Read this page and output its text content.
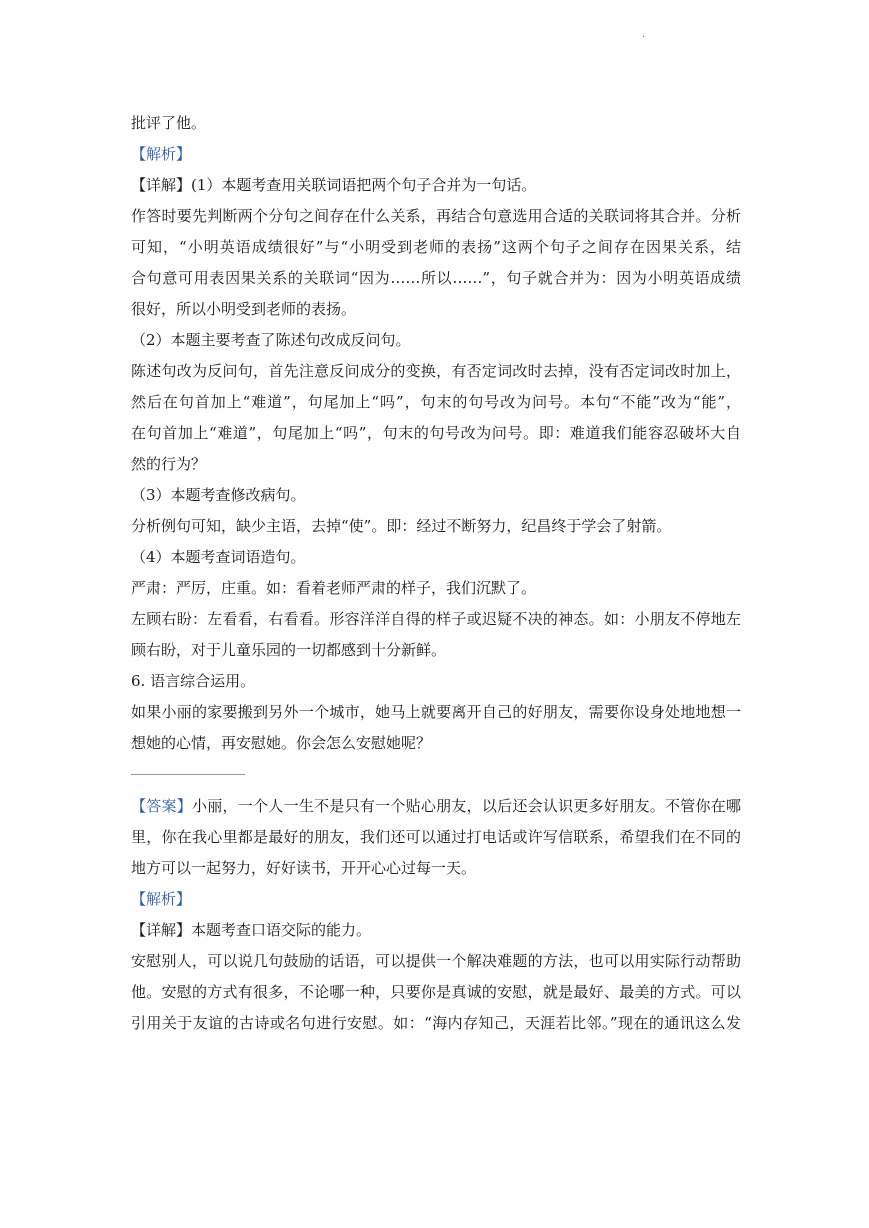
.

批评了他。

【解析】

【详解】(1）本题考查用关联词语把两个句子合并为一句话。

作答时要先判断两个分句之间存在什么关系，再结合句意选用合适的关联词将其合并。分析

可知，“小明英语成绩很好”与“小明受到老师的表扬”这两个句子之间存在因果关系，结

合句意可用表因果关系的关联词“因为……所以……”，句子就合并为：因为小明英语成绩

很好，所以小明受到老师的表扬。

（2）本题主要考查了陈述句改成反问句。

陈述句改为反问句，首先注意反问成分的变换，有否定词改时去掉，没有否定词改时加上，

然后在句首加上“难道”，句尾加上“吗”，句末的句号改为问号。本句“不能”改为“能”，

在句首加上“难道”，句尾加上“吗”，句末的句号改为问号。即：难道我们能容忍破坏大自

然的行为？

（3）本题考查修改病句。

分析例句可知，缺少主语，去掉“使”。即：经过不断努力，纪昌终于学会了射箭。

（4）本题考查词语造句。

严肃：严厉，庄重。如：看着老师严肃的样子，我们沉默了。

左顾右盼：左看看，右看看。形容洋洋自得的样子或迟疑不决的神态。如：小朋友不停地左

顾右盼，对于儿童乐园的一切都感到十分新鲜。

6. 语言综合运用。

如果小丽的家要搬到另外一个城市，她马上就要离开自己的好朋友，需要你设身处地地想一

想她的心情，再安慰她。你会怎么安慰她呢？

【答案】小丽，一个人一生不是只有一个贴心朋友，以后还会认识更多好朋友。不管你在哪

里，你在我心里都是最好的朋友，我们还可以通过打电话或许写信联系，希望我们在不同的

地方可以一起努力，好好读书，开开心心过每一天。

【解析】

【详解】本题考查口语交际的能力。

安慰别人，可以说几句鼓励的话语，可以提供一个解决难题的方法，也可以用实际行动帮助

他。安慰的方式有很多，不论哪一种，只要你是真诚的安慰，就是最好、最美的方式。可以

引用关于友谊的古诗或名句进行安慰。如：“海内存知己，天涯若比邻。”现在的通讯这么发
